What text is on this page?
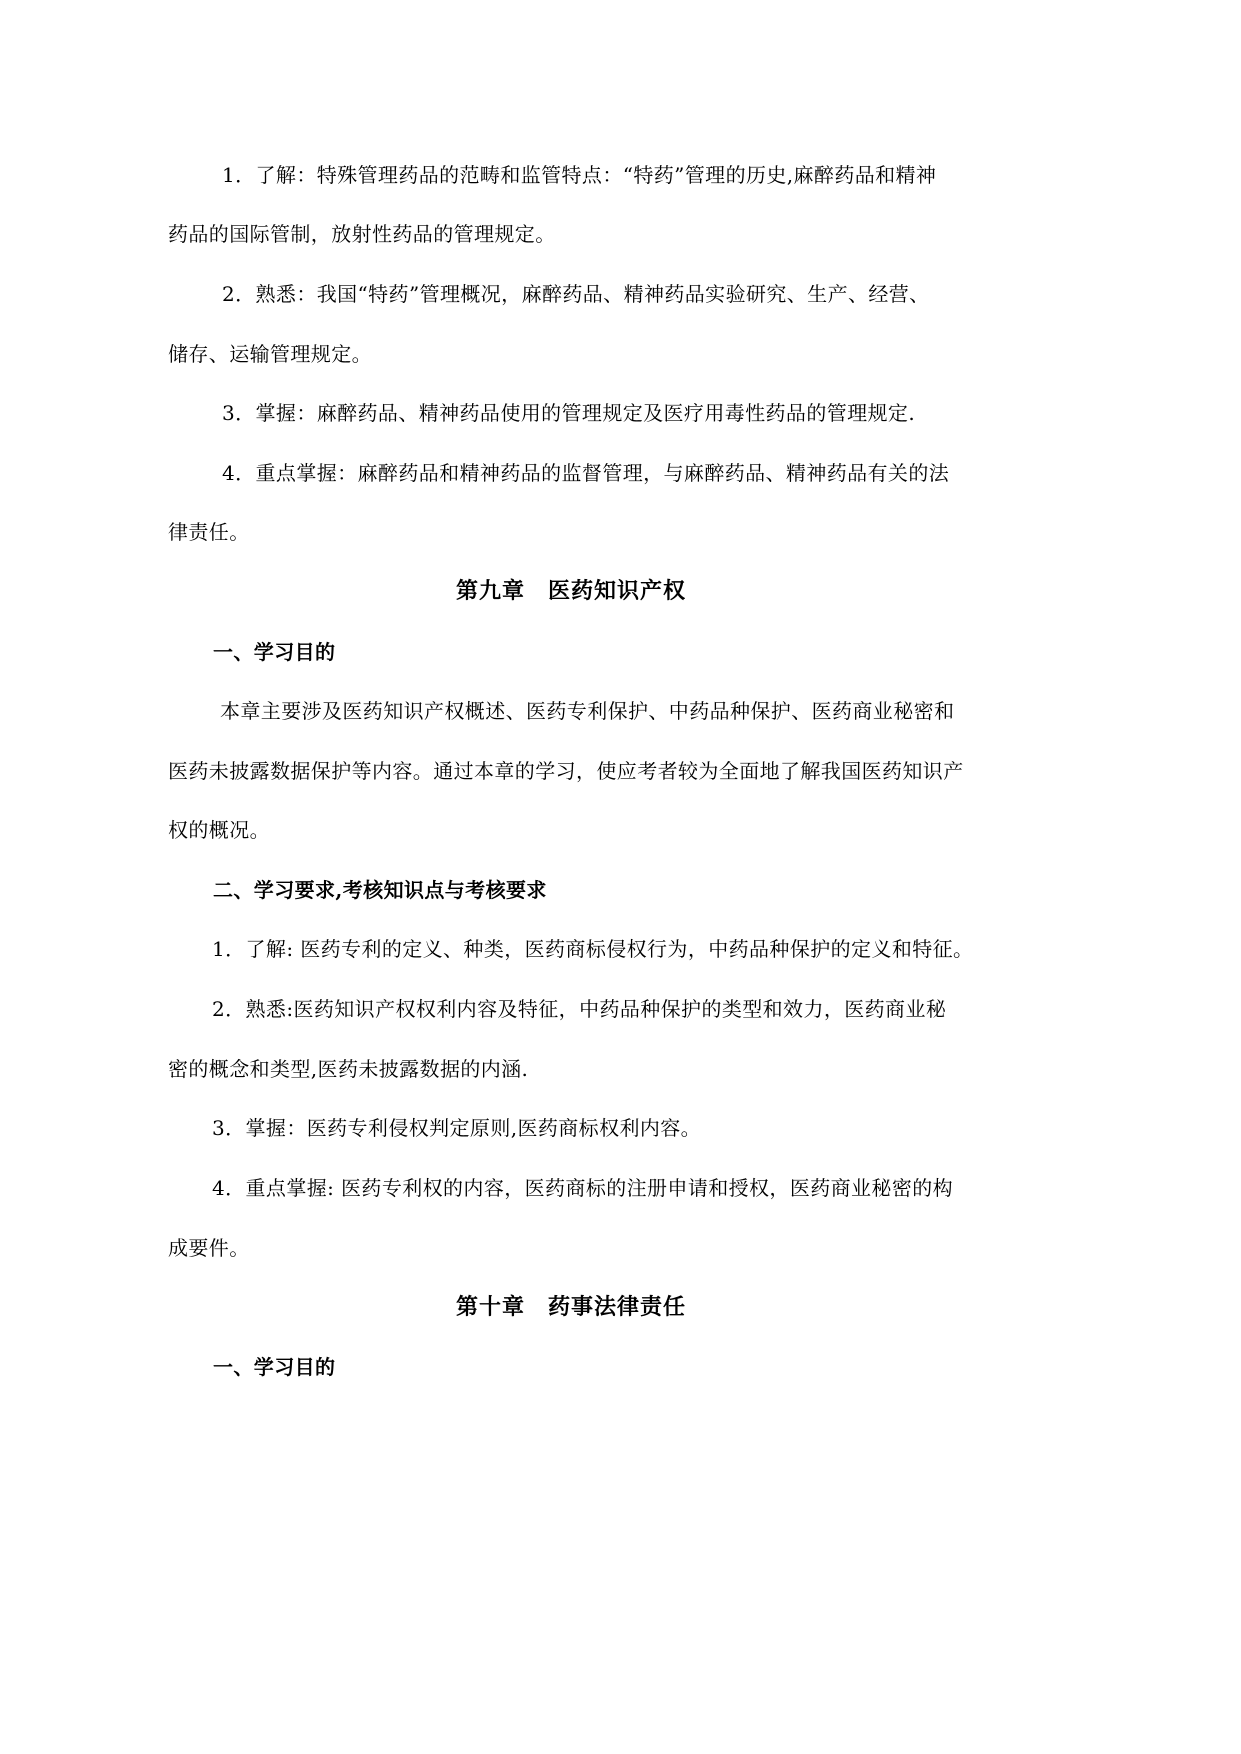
1．了解：特殊管理药品的范畴和监管特点：“特药”管理的历史,麻醉药品和精神

药品的国际管制，放射性药品的管理规定。

2．熟悉：我国“特药”管理概况，麻醉药品、精神药品实验研究、生产、经营、

储存、运输管理规定。

3．掌握：麻醉药品、精神药品使用的管理规定及医疗用毒性药品的管理规定.

4．重点掌握：麻醉药品和精神药品的监督管理，与麻醉药品、精神药品有关的法

律责任。

第九章　医药知识产权

一、学习目的

本章主要涉及医药知识产权概述、医药专利保护、中药品种保护、医药商业秘密和

医药未披露数据保护等内容。通过本章的学习，使应考者较为全面地了解我国医药知识产

权的概况。

二、学习要求,考核知识点与考核要求

1．了解: 医药专利的定义、种类，医药商标侵权行为，中药品种保护的定义和特征。

2．熟悉:医药知识产权权利内容及特征，中药品种保护的类型和效力，医药商业秘

密的概念和类型,医药未披露数据的内涵.

3．掌握：医药专利侵权判定原则,医药商标权利内容。

4．重点掌握: 医药专利权的内容，医药商标的注册申请和授权，医药商业秘密的构

成要件。

第十章　药事法律责任

一、学习目的
